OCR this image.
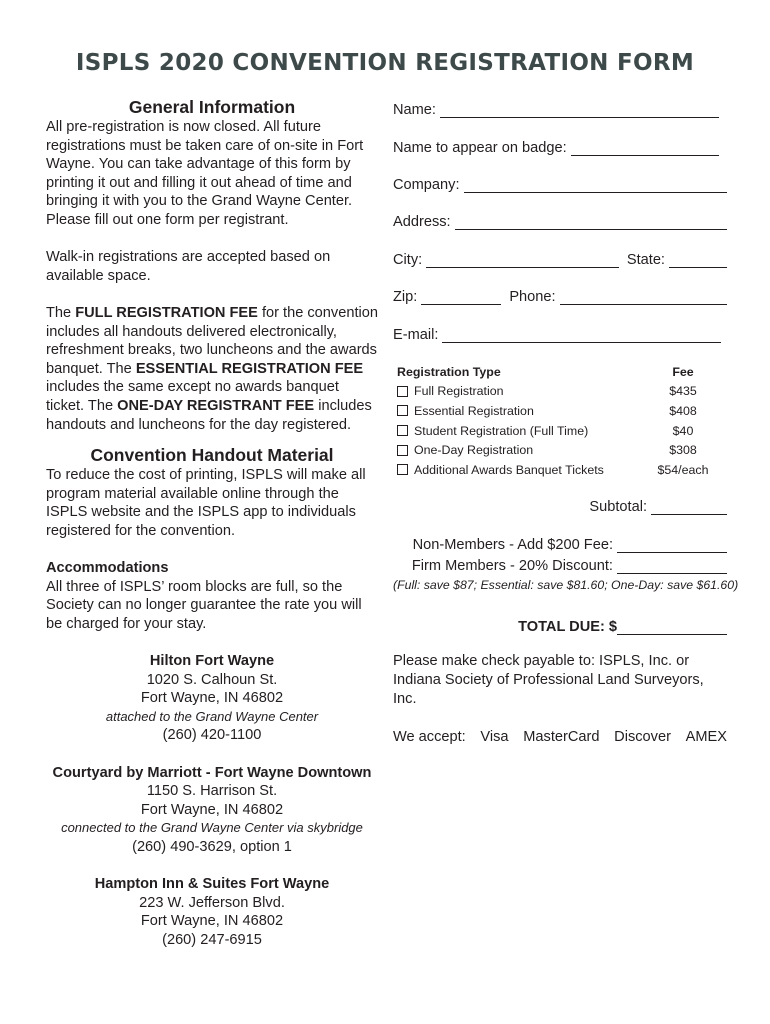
ISPLS 2020 CONVENTION REGISTRATION FORM
General Information

All pre-registration is now closed. All future registrations must be taken care of on-site in Fort Wayne. You can take advantage of this form by printing it out and filling it out ahead of time and bringing it with you to the Grand Wayne Center. Please fill out one form per registrant.

Walk-in registrations are accepted based on available space.

The FULL REGISTRATION FEE for the convention includes all handouts delivered electronically, refreshment breaks, two luncheons and the awards banquet. The ESSENTIAL REGISTRATION FEE includes the same except no awards banquet ticket. The ONE-DAY REGISTRANT FEE includes handouts and luncheons for the day registered.

Convention Handout Material

To reduce the cost of printing, ISPLS will make all program material available online through the ISPLS website and the ISPLS app to individuals registered for the convention.

Accommodations

All three of ISPLS’ room blocks are full, so the Society can no longer guarantee the rate you will be charged for your stay.

Hilton Fort Wayne
1020 S. Calhoun St.
Fort Wayne, IN 46802
attached to the Grand Wayne Center
(260) 420-1100
Courtyard by Marriott - Fort Wayne Downtown
1150 S. Harrison St.
Fort Wayne, IN 46802
connected to the Grand Wayne Center via skybridge
(260) 490-3629, option 1
Hampton Inn & Suites Fort Wayne
223 W. Jefferson Blvd.
Fort Wayne, IN 46802
(260) 247-6915
Name:
Name to appear on badge:
Company:
Address:
City:	State:
Zip:	Phone:
E-mail:
Registration Type	Fee
Full Registration	$435
Essential Registration	$408
Student Registration (Full Time)	$40
One-Day Registration	$308
Additional Awards Banquet Tickets	$54/each
Subtotal:
Non-Members - Add $200 Fee:
Firm Members - 20% Discount:
(Full: save $87; Essential: save $81.60; One-Day: save $61.60)
TOTAL DUE: $
Please make check payable to: ISPLS, Inc. or Indiana Society of Professional Land Surveyors, Inc.
We accept: Visa MasterCard Discover AMEX
